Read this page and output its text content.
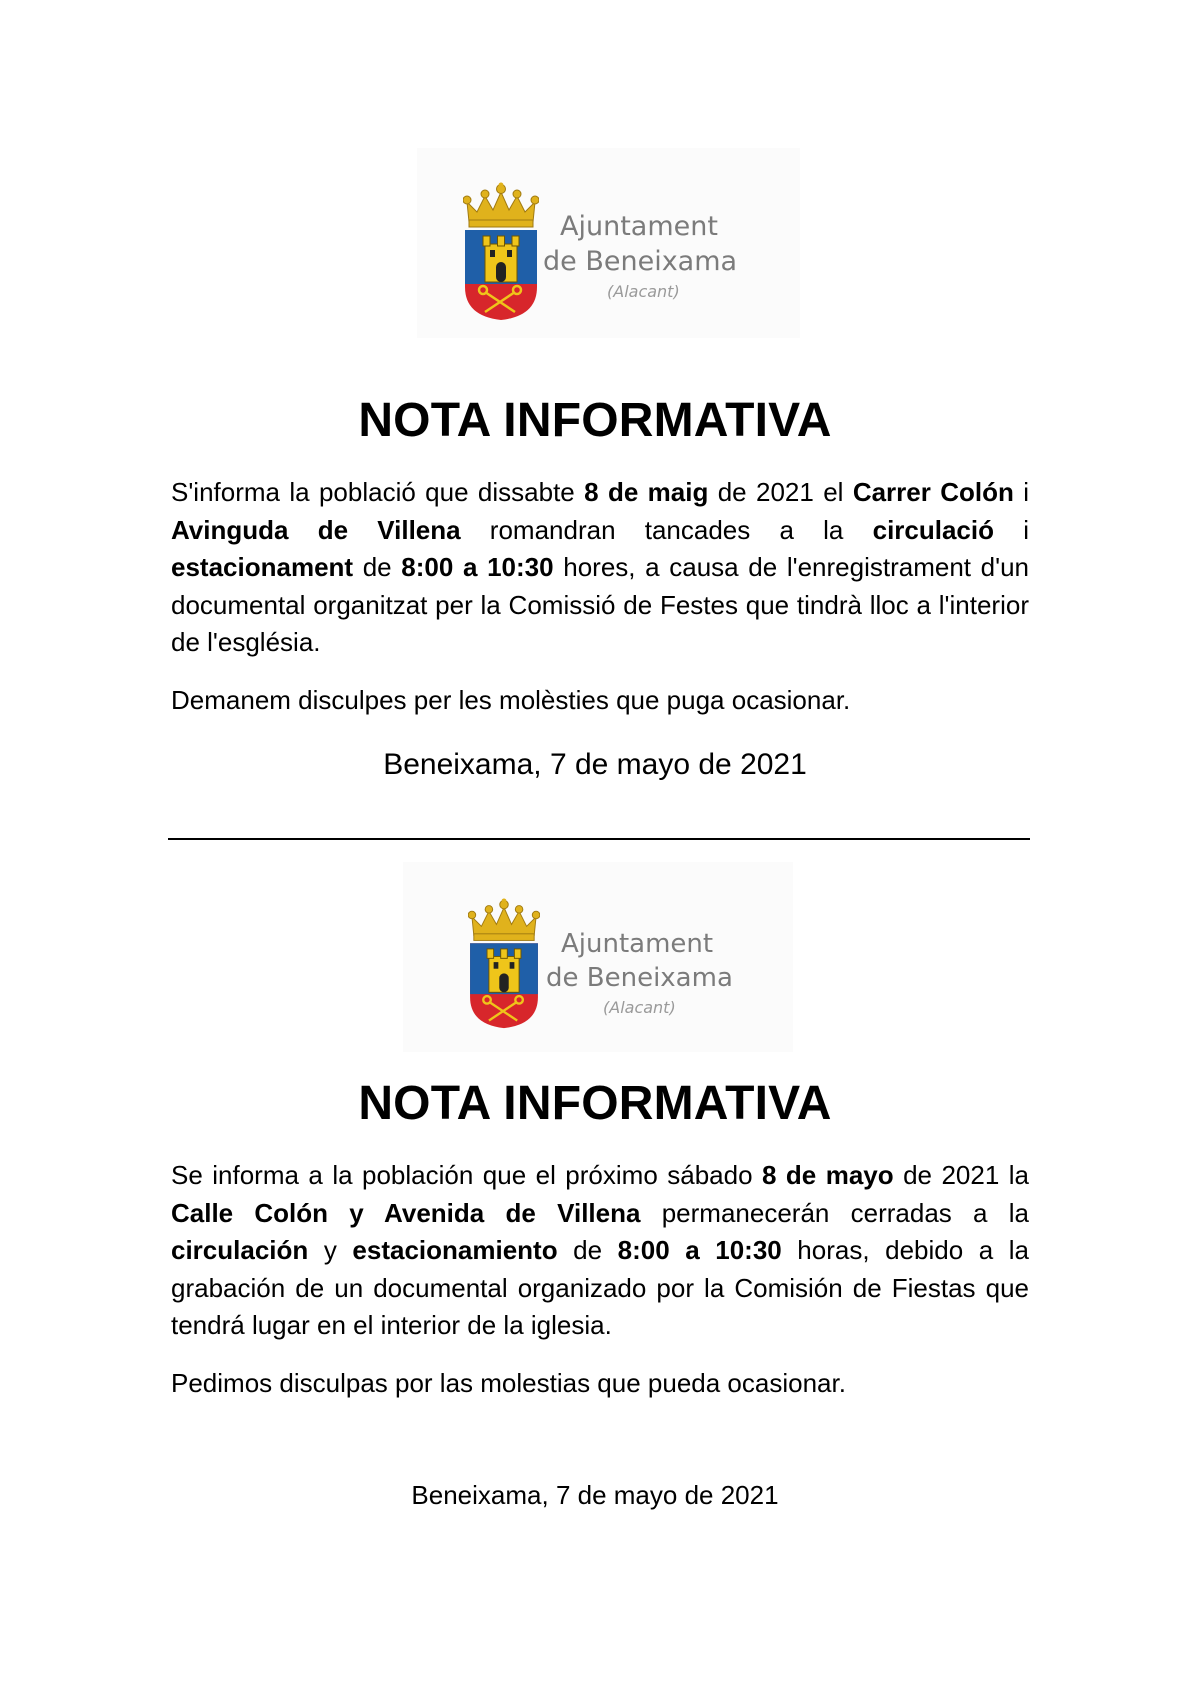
Ajuntament
de Beneixama
(Alacant)
NOTA INFORMATIVA
S'informa la població que dissabte 8 de maig de 2021 el Carrer Colón i Avinguda de Villena romandran tancades a la circulació i estacionament de 8:00 a 10:30 hores, a causa de l'enregistrament d'un documental organitzat per la Comissió de Festes que tindrà lloc a l'interior de l'església.
Demanem disculpes per les molèsties que puga ocasionar.
Beneixama, 7 de mayo de 2021
Ajuntament
de Beneixama
(Alacant)
NOTA INFORMATIVA
Se informa a la población que el próximo sábado 8 de mayo de 2021 la Calle Colón y Avenida de Villena permanecerán cerradas a la circulación y estacionamiento de 8:00 a 10:30 horas, debido a la grabación de un documental organizado por la Comisión de Fiestas que tendrá lugar en el interior de la iglesia.
Pedimos disculpas por las molestias que pueda ocasionar.
Beneixama, 7 de mayo de 2021
